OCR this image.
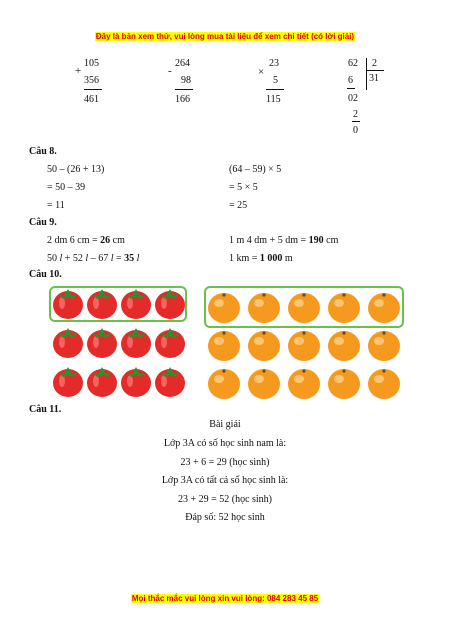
Đây là bản xem thử, vui lòng mua tài liệu để xem chi tiết (có lời giải)
+
105
356
461
-
264
98
166
×
23
5
115
62 2
31
6
02
2
0
Câu 8.
50 – (26 + 13)
= 50 – 39
= 11
(64 – 59) × 5
= 5 × 5
= 25
Câu 9.
2 dm 6 cm = 26 cm	1 m 4 dm + 5 dm = 190 cm
50 l + 52 l – 67 l = 35 l	1 km = 1 000 m
Câu 10.
Câu 11.
Bài giải
Lớp 3A có số học sinh nam là:
23 + 6 = 29 (học sinh)
Lớp 3A có tất cả số học sinh là:
23 + 29 = 52 (học sinh)
Đáp số: 52 học sinh
Mọi thắc mắc vui lòng xin vui lòng: 084 283 45 85
